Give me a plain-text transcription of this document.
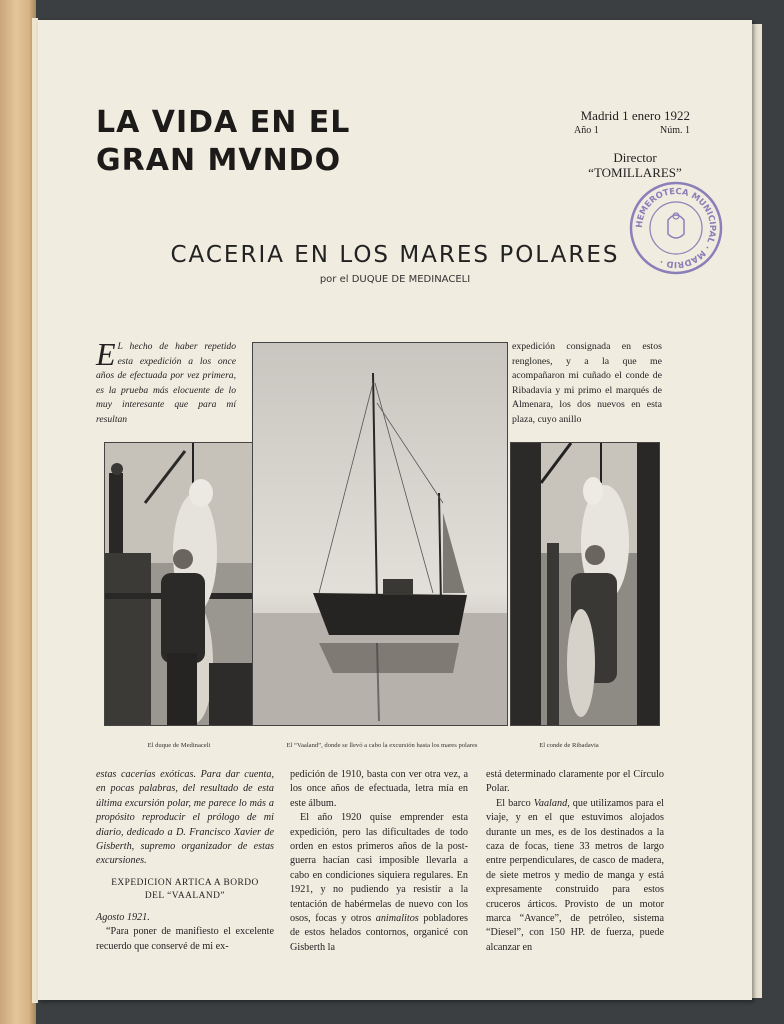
LA VIDA EN EL
GRAN MVNDO
Madrid 1 enero 1922
Año 1	Núm. 1
Director
“TOMILLARES”
HEMEROTECA MUNICIPAL · MADRID ·
CACERIA EN LOS MARES POLARES
por el DUQUE DE MEDINACELI
E L hecho de haber repetido esta expedición a los once años de efectuada por vez primera, es la prueba más elocuente de lo muy interesante que para mí resultan
expedición consignada en estos renglones, y a la que me acompañaron mi cuñado el conde de Ribadavia y mi primo el marqués de Almenara, los dos nuevos en esta plaza, cuyo anillo
El duque de Medinaceli	El “Vaaland”, donde se llevó a cabo la excursión hasta los mares polares	El conde de Ribadavia

estas cacerías exóticas. Para dar cuenta, en pocas palabras, del resultado de esta última excursión polar, me parece lo más a propósito reproducir el prólogo de mi diario, dedicado a D. Francisco Xavier de Gisberth, supremo organizador de estas excursiones.

EXPEDICION ARTICA A BORDO
DEL “VAALAND”

Agosto 1921.

“Para poner de manifiesto el excelente recuerdo que conservé de mi ex-

pedición de 1910, basta con ver otra vez, a los once años de efectuada, letra mía en este álbum.

El año 1920 quise emprender esta expedición, pero las dificultades de todo orden en estos primeros años de la post-guerra hacían casi imposible llevarla a cabo en condiciones siquiera regulares. En 1921, y no pudiendo ya resistir a la tentación de habérmelas de nuevo con los osos, focas y otros animalitos pobladores de estos helados contornos, organicé con Gisberth la

está determinado claramente por el Círculo Polar.

El barco Vaaland, que utilizamos para el viaje, y en el que estuvimos alojados durante un mes, es de los destinados a la caza de focas, tiene 33 metros de largo entre perpendiculares, de casco de madera, de siete metros y medio de manga y está expresamente construido para estos cruceros árticos. Provisto de un motor marca “Avance”, de petróleo, sistema “Diesel”, con 150 HP. de fuerza, puede alcanzar en
